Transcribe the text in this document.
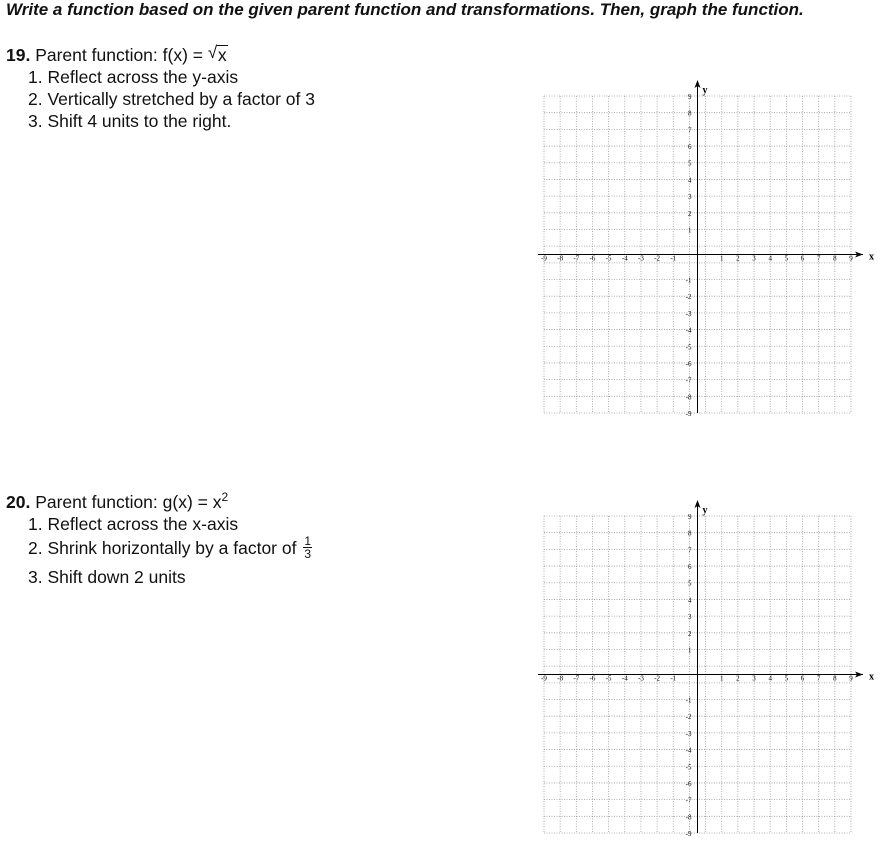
Write a function based on the given parent function and transformations. Then, graph the function.
19. Parent function: f(x) = √ x
1. Reflect across the y-axis
2. Vertically stretched by a factor of 3
3. Shift 4 units to the right.
20. Parent function: $g(x) = x^2$
1. Reflect across the x-axis
2. Shrink horizontally by a factor of $\frac{1}{3}$
3. Shift down 2 units
x
y
-9 -8 -7 -6 -5 -4 -3 -2 -1	1 2 3 4 5 6 7 8 9
-9
-8
-7
-6
-5
-4
-3
-2
-1
1
2
3
4
5
6
7
8
9
x
y
-9 -8 -7 -6 -5 -4 -3 -2 -1	1 2 3 4 5 6 7 8 9
-9
-8
-7
-6
-5
-4
-3
-2
-1
1
2
3
4
5
6
7
8
9
